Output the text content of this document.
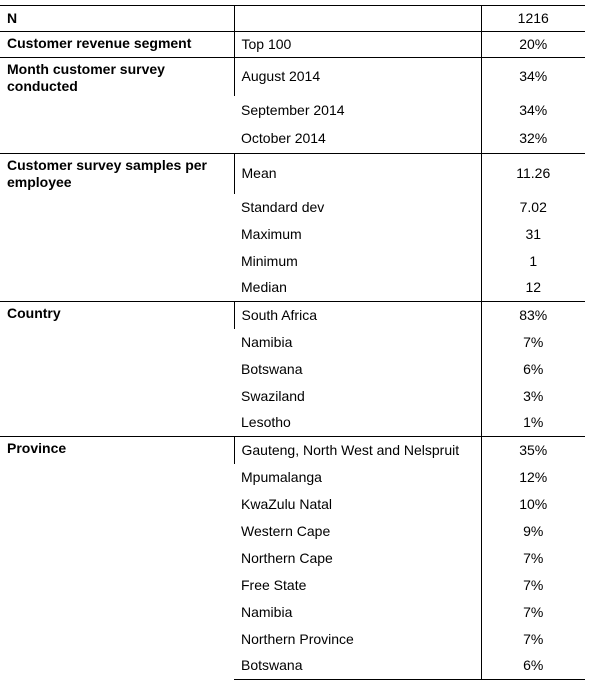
N		1216
Customer revenue segment	Top 100	20%
Month customer survey conducted	August 2014	34%
	September 2014	34%
	October 2014	32%
Customer survey samples per employee	Mean	11.26
	Standard dev	7.02
	Maximum	31
	Minimum	1
	Median	12
Country	South Africa	83%
	Namibia	7%
	Botswana	6%
	Swaziland	3%
	Lesotho	1%
Province	Gauteng, North West and Nelspruit	35%
	Mpumalanga	12%
	KwaZulu Natal	10%
	Western Cape	9%
	Northern Cape	7%
	Free State	7%
	Namibia	7%
	Northern Province	7%
	Botswana	6%
